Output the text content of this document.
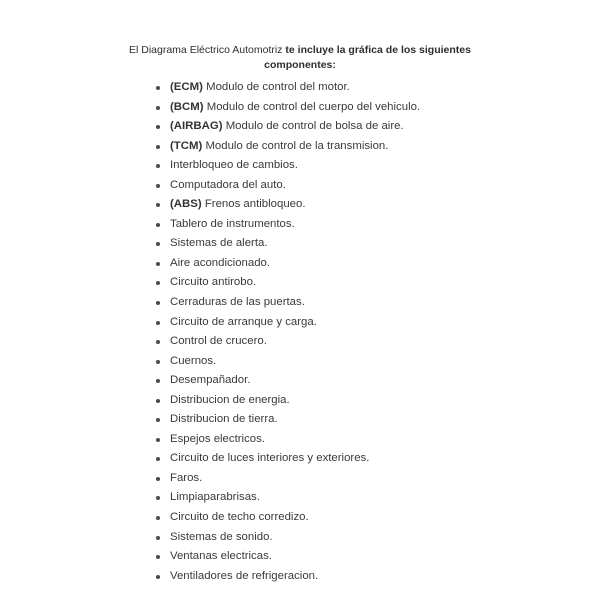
El Diagrama Eléctrico Automotriz te incluye la gráfica de los siguientes
componentes:
(ECM) Modulo de control del motor.
(BCM) Modulo de control del cuerpo del vehiculo.
(AIRBAG) Modulo de control de bolsa de aire.
(TCM) Modulo de control de la transmision.
Interbloqueo de cambios.
Computadora del auto.
(ABS) Frenos antibloqueo.
Tablero de instrumentos.
Sistemas de alerta.
Aire acondicionado.
Circuito antirobo.
Cerraduras de las puertas.
Circuito de arranque y carga.
Control de crucero.
Cuernos.
Desempañador.
Distribucion de energia.
Distribucion de tierra.
Espejos electricos.
Circuito de luces interiores y exteriores.
Faros.
Limpiaparabrisas.
Circuito de techo corredizo.
Sistemas de sonido.
Ventanas electricas.
Ventiladores de refrigeracion.
